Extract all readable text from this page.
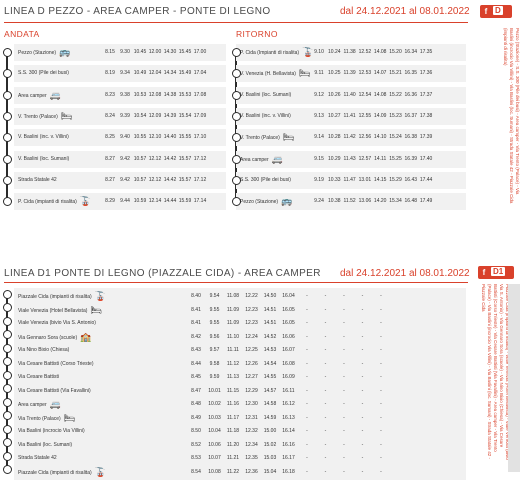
LINEA D PEZZO - AREA CAMPER - PONTE DI LEGNO	dal 24.12.2021 al 08.01.2022	f D
ANDATA	RITORNO
Pezzo (Stazione) 🚌	8.15	9.30 10.45 12.00 14.30 15.45 17.00
S.S. 300 (Pile dei busi)	8.19	9.34 10.49 12.04 14.34 15.49 17.04
Area camper 🚐	8.23	9.38 10.53 12.08 14.38 15.53 17.08
V. Trento (Palace) 🛏	8.24	9.39 10.54 12.09 14.39 15.54 17.09
V. Baslini (inc. v. Villini)	8.25	9.40 10.55 12.10 14.40 15.55 17.10
V. Baslini (loc. Sumani)	8.27	9.42 10.57 12.12 14.42 15.57 17.12
Strada Statale 42	8.27	9.42 10.57 12.12 14.42 15.57 17.12
P. Cida (impianti di risalita) 🚡	8.29	9.44 10.59 12.14 14.44 15.59 17.14
P. Cida (Impianti di risalita) 🚡 9.10 10.24 11.38 12.52 14.08 15.20 16.34 17.35
V. Venezia (H. Bellavista) 🛏 9.11 10.25 11.39 12.53 14.07 15.21 16.35 17.36
V. Baslini (loc. Sumani)	9.12 10.26 11.40 12.54 14.08 15.22 16.36 17.37
V. Baslini (inc. v. Villini)	9.13 10.27 11.41 12.55 14.09 15.23 16.37 17.38
V. Trento (Palace) 🛏	9.14 10.28 11.42 12.56 14.10 15.24 16.38 17.39
Area camper 🚐	9.15 10.29 11.43 12.57 14.11 15.25 16.39 17.40
S.S. 300 (Pile dei busi)	9.19 10.33 11.47 13.01 14.15 15.29 16.43 17.44
Pezzo (Stazione) 🚌	9.24 10.38 11.52 13.06 14.20 15.34 16.48 17.49
Pezzo (Stazione) - S.S. 300 (Pile dei busi) - Area camper - Via Trento (Palace) - Via Baslini (incrocio Via Villini) - Via Baslini (loc. Sumani) - Strada Statale 42 - Piazzale Cida (impianti di risalita)
LINEA D1 PONTE DI LEGNO (PIAZZALE CIDA) - AREA CAMPER dal 24.12.2021 al 08.01.2022	f D1
Piazzale Cida (impianti di risalita) 🚡	8.40	9.54	11.08	12.22	14.50	16.04	-	-	-	-	-
Viale Venezia (Hotel Bellavista) 🛏	8.41	9.55	11.09	12.23	14.51	16.05	-	-	-	-	-
Viale Venezia (bivio Via S. Antonio)	8.41	9.55	11.09	12.23	14.51	16.05	-	-	-	-	-
Via Gennaro Sora (scuole) 🏫	8.42	9.56	11.10	12.24	14.52	16.06	-	-	-	-	-
Via Nino Bixio (Chiesa)	8.43	9.57	11.11	12.25	14.53	16.07	-	-	-	-	-
Via Cesare Battisti (Corso Trieste)	8.44	9.58	11.12	12.26	14.54	16.08	-	-	-	-	-
Via Cesare Battisti	8.45	9.59	11.13	12.27	14.55	16.09	-	-	-	-	-
Via Cesare Battisti (Via Favallini)	8.47	10.01	11.15	12.29	14.57	16.11	-	-	-	-	-
Area camper 🚐	8.48	10.02	11.16	12.30	14.58	16.12	-	-	-	-	-
Via Trento (Palace) 🛏	8.49	10.03	11.17	12.31	14.59	16.13	-	-	-	-	-
Via Baslini (incrocio Via Villini)	8.50	10.04	11.18	12.32	15.00	16.14	-	-	-	-	-
Via Baslini (loc. Sumani)	8.52	10.06	11.20	12.34	15.02	16.16	-	-	-	-	-
Strada Statale 42	8.53	10.07	11.21	12.35	15.03	16.17	-	-	-	-	-
Piazzale Cida (impianti di risalita) 🚡	8.54	10.08	11.22	12.36	15.04	16.18	-	-	-	-	-
Via S. Antonio) - Via Gennaro Sora (scuole) - Via Nino Bixio (Chiesa) - Via Cesare Battisti (Corso Trieste) - Via Cesare Battisti (Via Favallini) - Area camper - Via Trento (Palace) - Via Baslini (incrocio Via Villini) - Via Baslini (loc. Sumani) - Strada Statale 42 - Piazzale Cida
